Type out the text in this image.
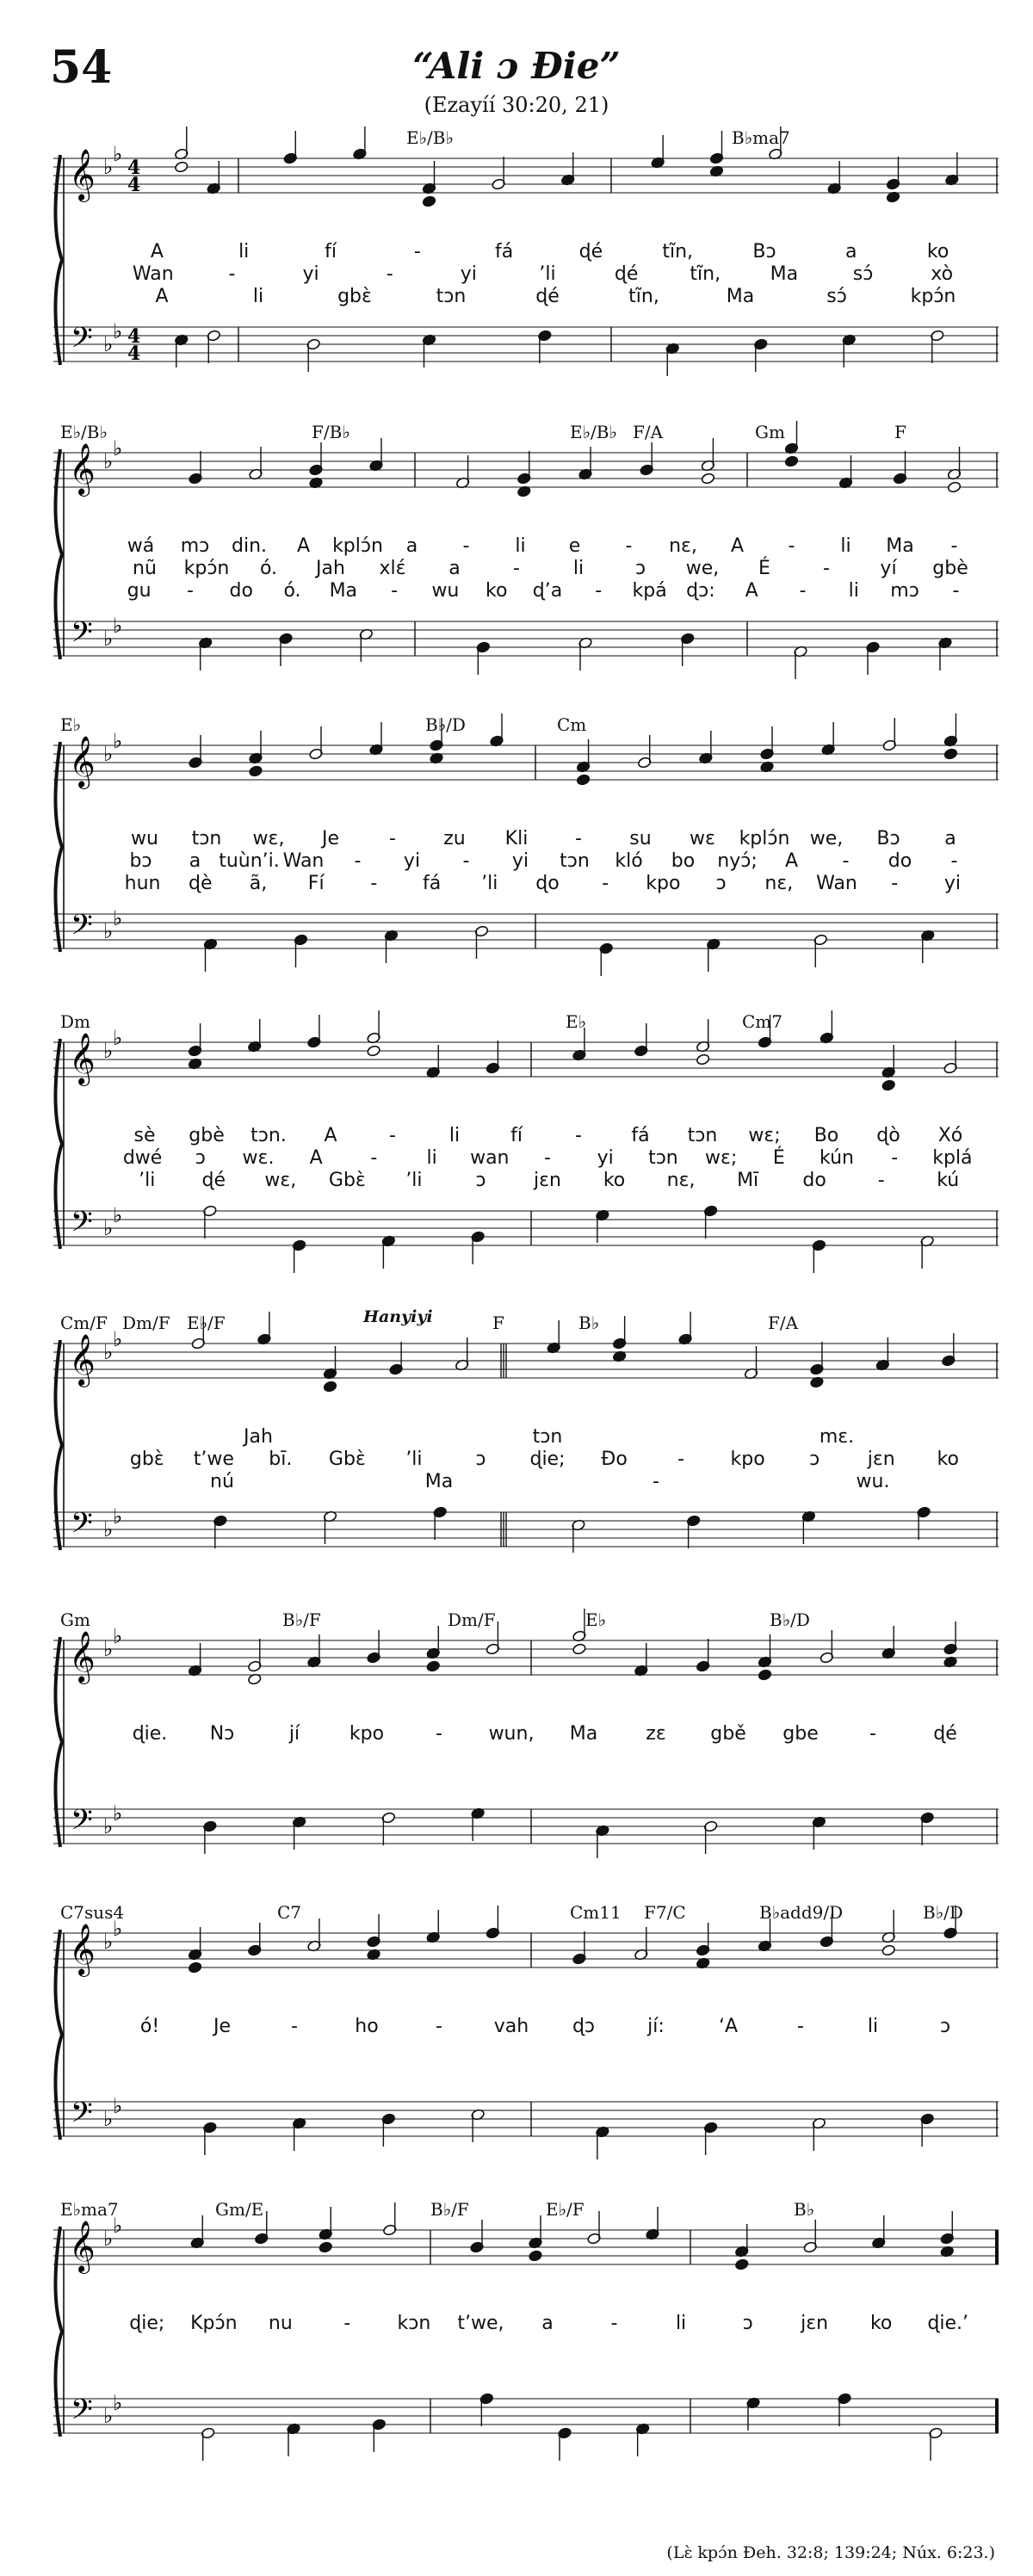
54	“Ali ɔ Đie”
(Ezayíí 30:20, 21)
𝄞
𝄢
♭
♭
♭
♭
4
4
4
4
E♭/B♭	B♭ma7
A	li	fí	-	fá	ɖé	tĩn,	Bɔ	a	ko
Wan	-	yi	-	yi	’li	ɖé	tĩn,	Ma	sɔ́	xò
A	li	gbɛ̀	tɔn	ɖé	tĩn,	Ma	sɔ́	kpɔ́n
𝄞
𝄢
♭
♭
♭
♭
E♭/B♭	F/B♭	E♭/B♭ F/A	Gm	F
wá mɔ din. A kplɔ́n a - li e - nɛ, A - li Ma -
nũ kpɔ́n ó. Jah xlɛ́ a	-	li	ɔ we, É	-	yí gbè
gu - do ó. Ma - wu ko ɖ’a - kpá ɖɔ: A - li mɔ -
𝄞
𝄢
♭
♭
♭
♭
E♭	B♭/D	Cm
wu tɔn wɛ, Je	-	zu Kli -	su wɛ kplɔ́n we, Bɔ a
bɔ a tuùn’i. Wan - yi - yi tɔn kló bo nyɔ́; A - do -
hun ɖè ã, Fí - fá ’li ɖo - kpo ɔ nɛ, Wan - yi
𝄞
𝄢
♭
♭
♭
♭
Dm	E♭	Cm7
sè gbè tɔn. A	-	li	fí	-	fá tɔn wɛ; Bo ɖò Xó
dwé ɔ wɛ. A	-	li wan - yi tɔn wɛ; É kún - kplá
’li ɖé wɛ, Gbɛ̀ ’li	ɔ	jɛn ko nɛ, Mī do	-	kú
𝄞
𝄢
♭
♭
♭
♭
Cm/F Dm/F E♭/F	F	B♭	F/A
Hanyiyi
Jah	tɔn	mɛ.
gbɛ̀ t’we bī. Gbɛ̀ ’li	ɔ ɖie; Đo	- kpo ɔ	jɛn ko
nú	Ma	-	wu.
𝄞
𝄢
♭
♭
♭
♭
Gm	B♭/F	Dm/F	E♭	B♭/D
ɖie. Nɔ	jí	kpo	- wun, Ma	zɛ gbě gbe	-	ɖé
𝄞
𝄢
♭
♭
♭
♭
C7sus4	C7	Cm11 F7/C	B♭add9/D	B♭/D
ó!	Je	-	ho	-	vah ɖɔ	jí:	‘A	-	li	ɔ
𝄞
𝄢
♭
♭
♭
♭
E♭ma7	Gm/E	B♭/F	E♭/F	B♭
ɖie; Kpɔ́n nu	- kɔn t’we, a	-	li	ɔ	jɛn ko ɖie.’
(Lɛ̀ kpɔ́n Đeh. 32:8; 139:24; Núx. 6:23.)
